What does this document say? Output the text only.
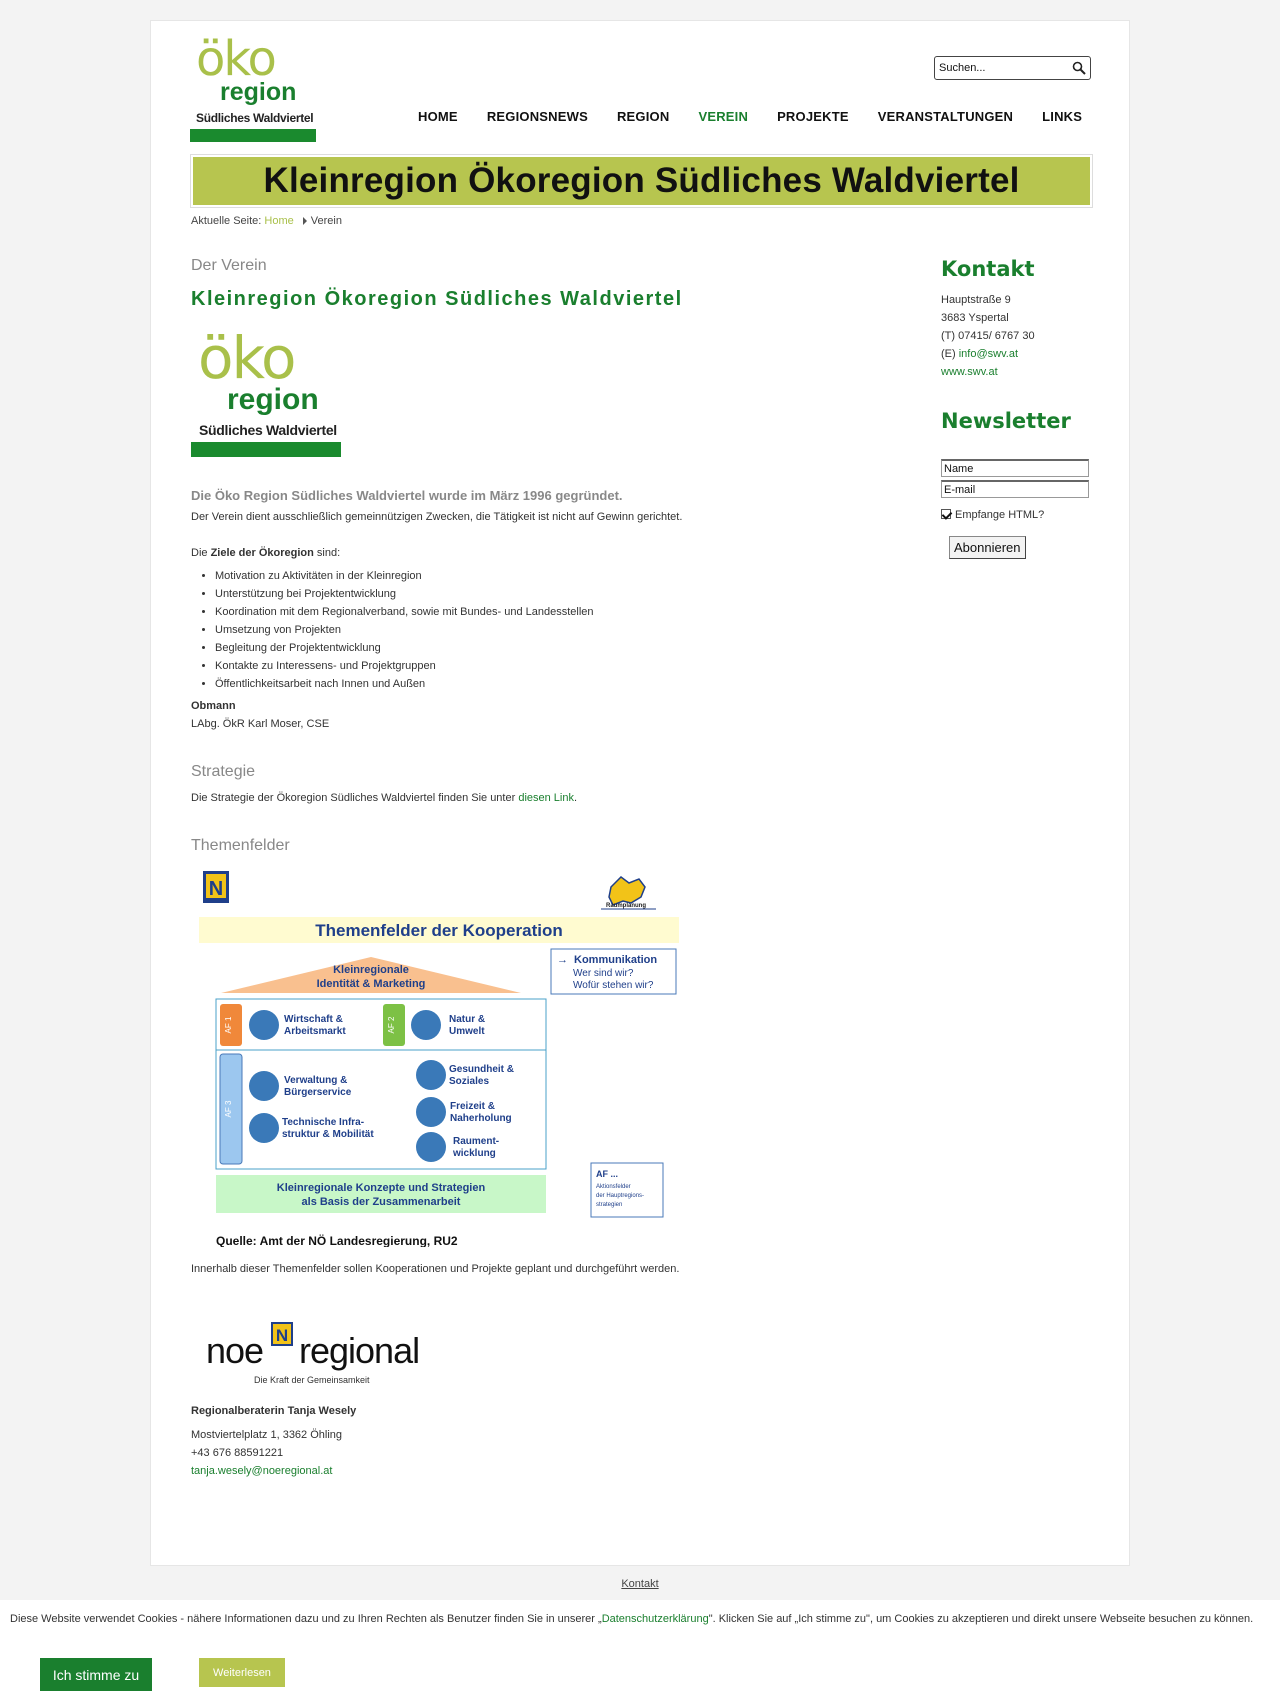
öko
region
Südliches Waldviertel
Suchen...	HOME REGIONSNEWS REGION VEREIN PROJEKTE VERANSTALTUNGEN LINKS
Kleinregion Ökoregion Südliches Waldviertel
Aktuelle Seite: Home Verein
Der Verein
Kleinregion Ökoregion Südliches Waldviertel
öko
region
Südliches Waldviertel

Die Öko Region Südliches Waldviertel wurde im März 1996 gegründet.

Der Verein dient ausschließlich gemeinnützigen Zwecken, die Tätigkeit ist nicht auf Gewinn gerichtet.

Die Ziele der Ökoregion sind:

• Motivation zu Aktivitäten in der Kleinregion
• Unterstützung bei Projektentwicklung
• Koordination mit dem Regionalverband, sowie mit Bundes- und Landesstellen
• Umsetzung von Projekten
• Begleitung der Projektentwicklung
• Kontakte zu Interessens- und Projektgruppen
• Öffentlichkeitsarbeit nach Innen und Außen

Obmann

LAbg. ÖkR Karl Moser, CSE

Strategie

Die Strategie der Ökoregion Südliches Waldviertel finden Sie unter diesen Link.

Themenfelder
N
Raumplanung
Themenfelder der Kooperation
Kleinregionale
Identität & Marketing
Kommunikation
→
Wer sind wir?
Wofür stehen wir?
AF 1	AF 2
AF 3
Wirtschaft &
Arbeitsmarkt
Natur &
Umwelt
Verwaltung &
Bürgerservice
Technische Infra-
struktur & Mobilität
Gesundheit &
Soziales
Freizeit &
Naherholung
Raument-
wicklung
Kleinregionale Konzepte und Strategien
als Basis der Zusammenarbeit
AF ...
Aktionsfelder
der Hauptregions-
strategien
Quelle: Amt der NÖ Landesregierung, RU2

Innerhalb dieser Themenfelder sollen Kooperationen und Projekte geplant und durchgeführt werden.

noe N regional
Die Kraft der Gemeinsamkeit

Regionalberaterin Tanja Wesely

Mostviertelplatz 1, 3362 Öhling

+43 676 88591221

tanja.wesely@noeregional.at

Kontakt

Hauptstraße 9

3683 Yspertal

(T) 07415/ 6767 30

(E) info@swv.at

www.swv.at

Newsletter
Name
E-mail

Empfange HTML?

Abonnieren
Kontakt

Diese Website verwendet Cookies - nähere Informationen dazu und zu Ihren Rechten als Benutzer finden Sie in unserer „Datenschutzerklärung". Klicken Sie auf „Ich stimme zu", um Cookies zu akzeptieren und direkt unsere Webseite besuchen zu können.

Ich stimme zu	Weiterlesen
